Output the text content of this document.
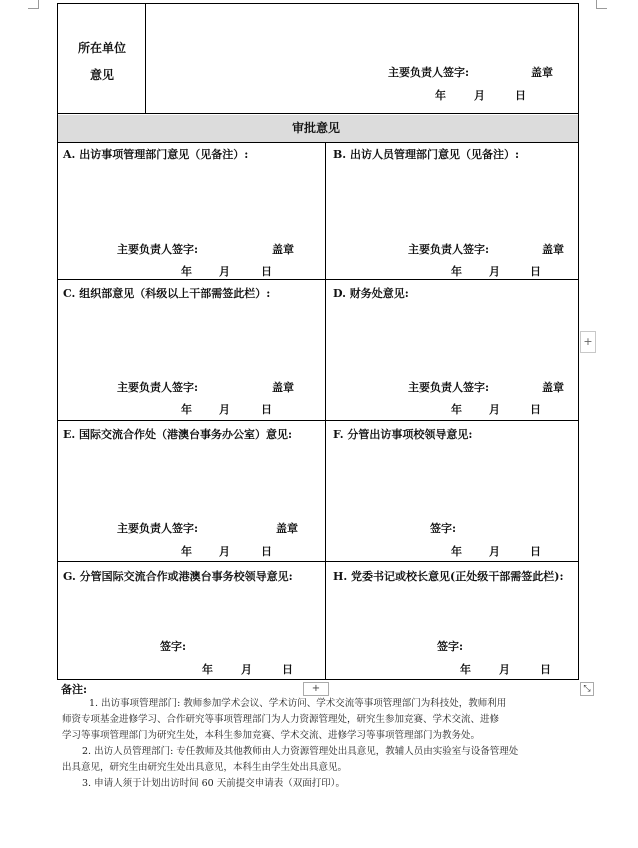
所在单位
意见	主要负责人签字:	盖章
年	月	日
审批意见
A. 出访事项管理部门意见（见备注）:
主要负责人签字:	盖章
年 月	日
B. 出访人员管理部门意见（见备注）:
主要负责人签字:	盖章
年 月	日
C. 组织部意见（科级以上干部需签此栏）:
主要负责人签字:	盖章
年 月	日
D. 财务处意见:
主要负责人签字:	盖章
年 月	日
E. 国际交流合作处（港澳台事务办公室）意见:
主要负责人签字:	盖章
年 月	日
F. 分管出访事项校领导意见:
签字:
年 月	日
G. 分管国际交流合作或港澳台事务校领导意见:
签字:
年	月	日
H. 党委书记或校长意见(正处级干部需签此栏):
签字:
年	月	日
+
+	⤡
备注:
1. 出访事项管理部门: 教师参加学术会议、学术访问、学术交流等事项管理部门为科技处，教师利用
师资专项基金进修学习、合作研究等事项管理部门为人力资源管理处，研究生参加竞赛、学术交流、进修
学习等事项管理部门为研究生处，本科生参加竞赛、学术交流、进修学习等事项管理部门为教务处。
2. 出访人员管理部门: 专任教师及其他教师由人力资源管理处出具意见，教辅人员由实验室与设备管理处
出具意见，研究生由研究生处出具意见，本科生由学生处出具意见。
3. 申请人须于计划出访时间 60 天前提交申请表（双面打印）。
